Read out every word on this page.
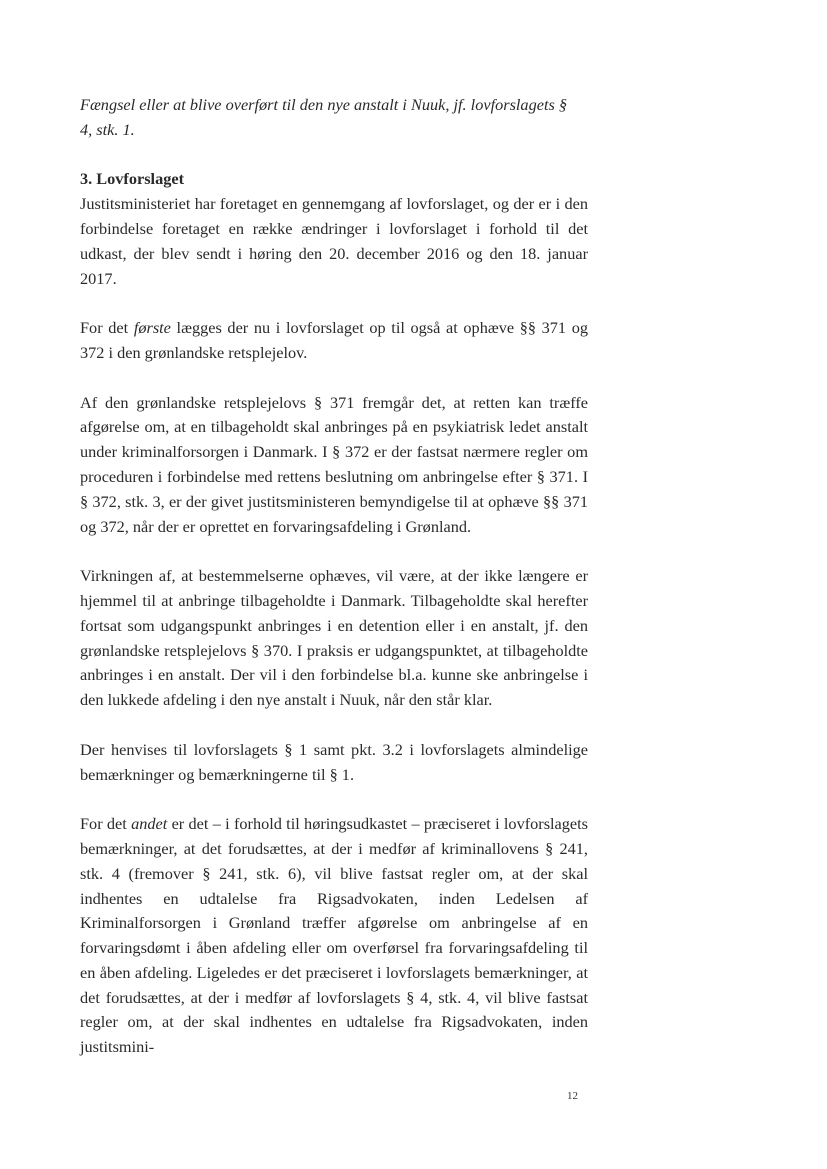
Fængsel eller at blive overført til den nye anstalt i Nuuk, jf. lovforslagets §
4, stk. 1.
3. Lovforslaget

Justitsministeriet har foretaget en gennemgang af lovforslaget, og der er i den forbindelse foretaget en række ændringer i lovforslaget i forhold til det udkast, der blev sendt i høring den 20. december 2016 og den 18. januar 2017.

For det første lægges der nu i lovforslaget op til også at ophæve §§ 371 og 372 i den grønlandske retsplejelov.

Af den grønlandske retsplejelovs § 371 fremgår det, at retten kan træffe afgørelse om, at en tilbageholdt skal anbringes på en psykiatrisk ledet anstalt under kriminalforsorgen i Danmark. I § 372 er der fastsat nærmere regler om proceduren i forbindelse med rettens beslutning om anbringelse efter § 371. I § 372, stk. 3, er der givet justitsministeren bemyndigelse til at ophæve §§ 371 og 372, når der er oprettet en forvaringsafdeling i Grønland.

Virkningen af, at bestemmelserne ophæves, vil være, at der ikke længere er hjemmel til at anbringe tilbageholdte i Danmark. Tilbageholdte skal herefter fortsat som udgangspunkt anbringes i en detention eller i en anstalt, jf. den grønlandske retsplejelovs § 370. I praksis er udgangspunktet, at tilbageholdte anbringes i en anstalt. Der vil i den forbindelse bl.a. kunne ske anbringelse i den lukkede afdeling i den nye anstalt i Nuuk, når den står klar.

Der henvises til lovforslagets § 1 samt pkt. 3.2 i lovforslagets almindelige bemærkninger og bemærkningerne til § 1.

For det andet er det – i forhold til høringsudkastet – præciseret i lovforslagets bemærkninger, at det forudsættes, at der i medfør af kriminallovens § 241, stk. 4 (fremover § 241, stk. 6), vil blive fastsat regler om, at der skal indhentes en udtalelse fra Rigsadvokaten, inden Ledelsen af Kriminalforsorgen i Grønland træffer afgørelse om anbringelse af en forvaringsdømt i åben afdeling eller om overførsel fra forvaringsafdeling til en åben afdeling. Ligeledes er det præciseret i lovforslagets bemærkninger, at det forudsættes, at der i medfør af lovforslagets § 4, stk. 4, vil blive fastsat regler om, at der skal indhentes en udtalelse fra Rigsadvokaten, inden justitsmini-

12
